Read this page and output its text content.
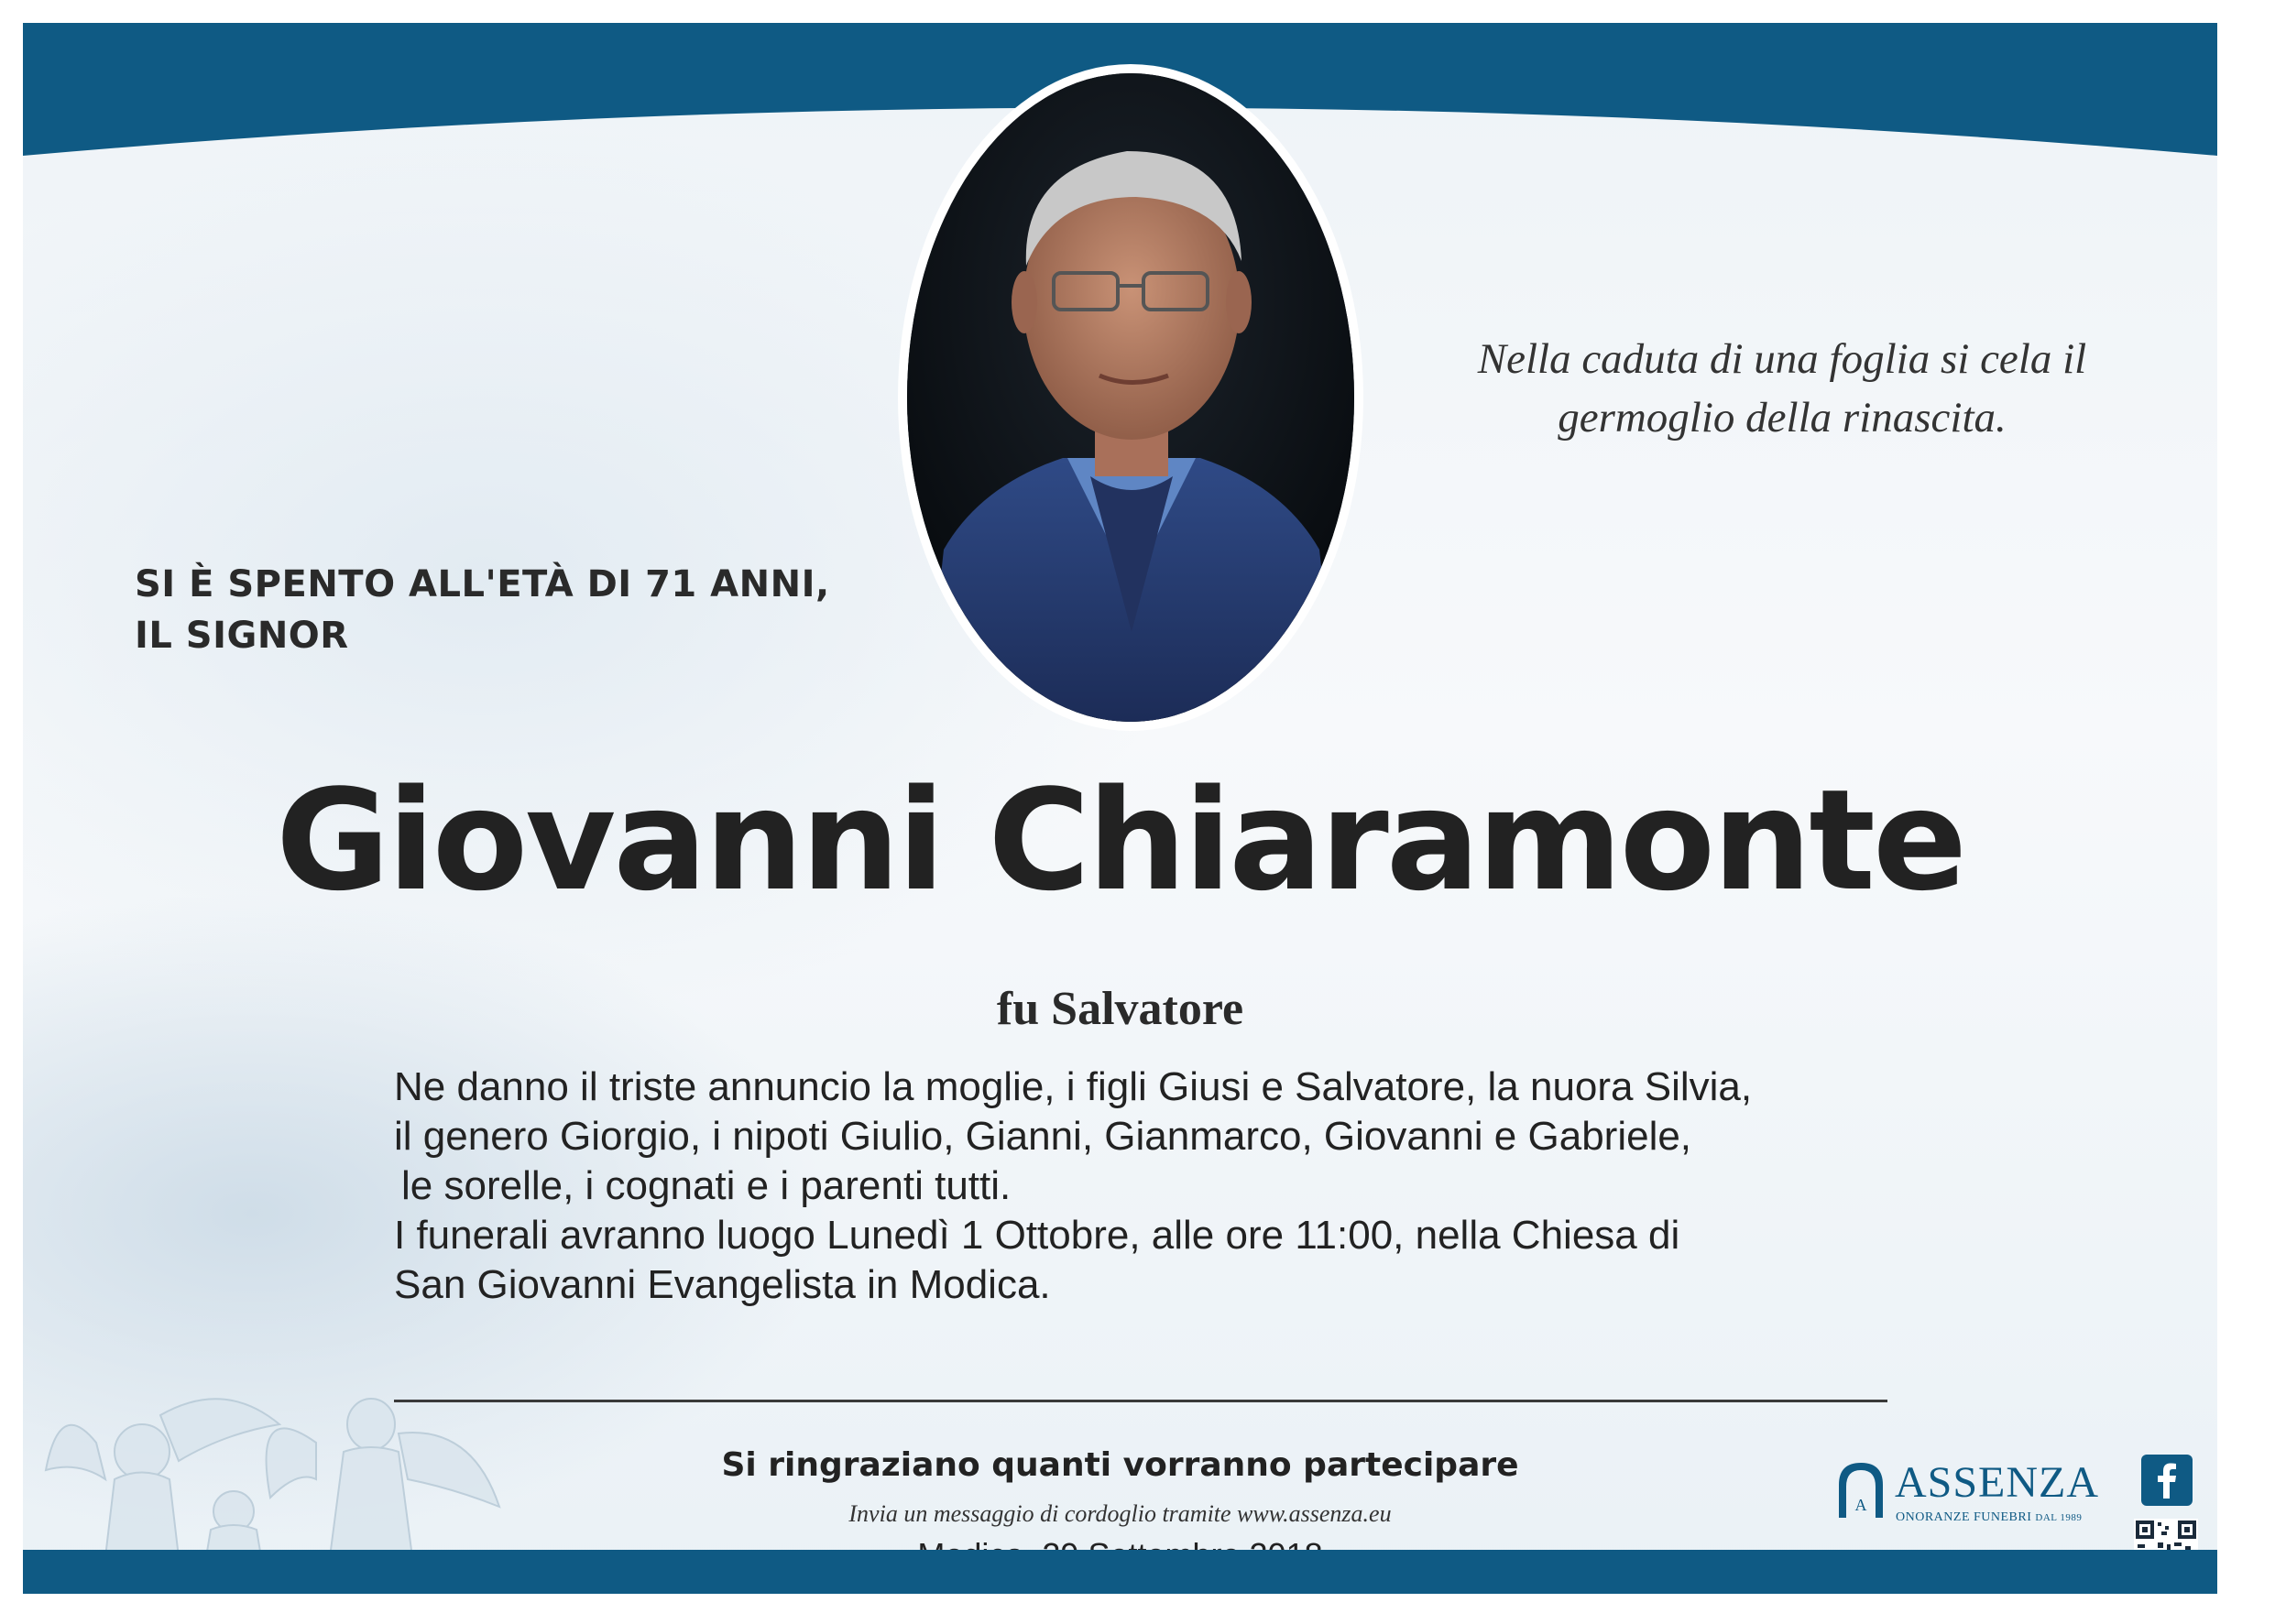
Nella caduta di una foglia si cela il
germoglio della rinascita.
SI È SPENTO ALL'ETÀ DI 71 ANNI,
IL SIGNOR
Giovanni Chiaramonte
fu Salvatore
Ne danno il triste annuncio la moglie, i figli Giusi e Salvatore, la nuora Silvia,
il genero Giorgio, i nipoti Giulio, Gianni, Gianmarco, Giovanni e Gabriele,
le sorelle, i cognati e i parenti tutti.
I funerali avranno luogo Lunedì 1 Ottobre, alle ore 11:00, nella Chiesa di
San Giovanni Evangelista in Modica.
Si ringraziano quanti vorranno partecipare
Invia un messaggio di cordoglio tramite www.assenza.eu	A ASSENZA
ONORANZE FUNEBRI DAL 1989
